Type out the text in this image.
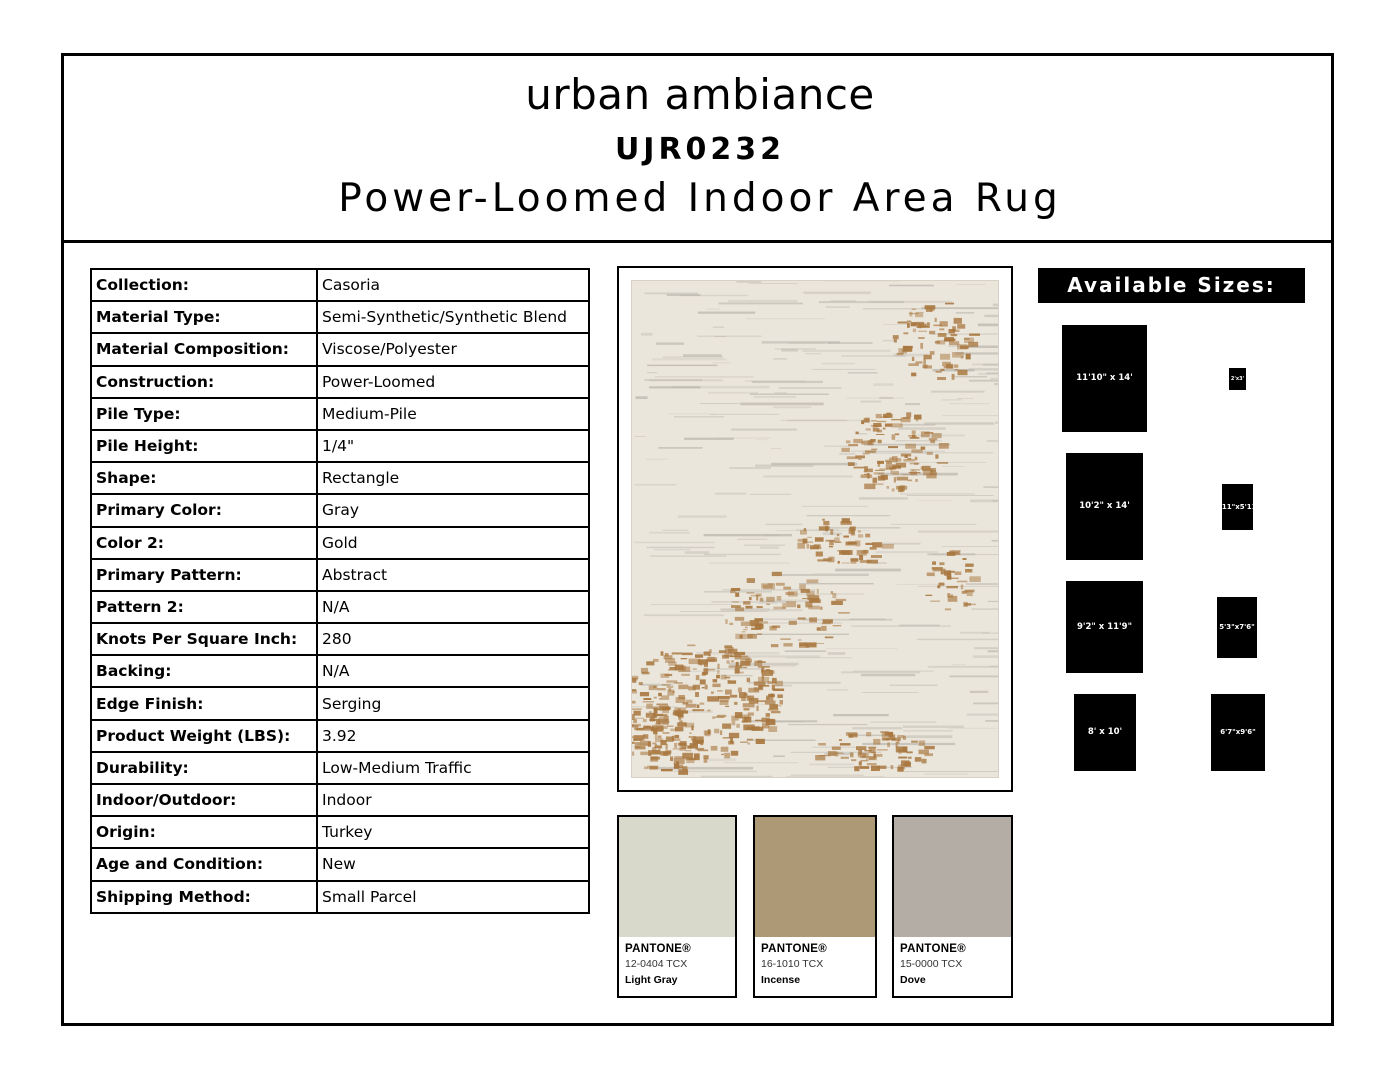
urban ambiance
UJR0232
Power-Loomed Indoor Area Rug
Collection:	Casoria
Material Type:	Semi-Synthetic/Synthetic Blend
Material Composition:	Viscose/Polyester
Construction:	Power-Loomed
Pile Type:	Medium-Pile
Pile Height:	1/4"
Shape:	Rectangle
Primary Color:	Gray
Color 2:	Gold
Primary Pattern:	Abstract
Pattern 2:	N/A
Knots Per Square Inch:	280
Backing:	N/A
Edge Finish:	Serging
Product Weight (LBS):	3.92
Durability:	Low-Medium Traffic
Indoor/Outdoor:	Indoor
Origin:	Turkey
Age and Condition:	New
Shipping Method:	Small Parcel
PANTONE®
12-0404 TCX
Light Gray
PANTONE®
16-1010 TCX
Incense
PANTONE®
15-0000 TCX
Dove
Available Sizes:
11'10" x 14'	2' x 3'
10'2" x 14'	3'11" x 5'11"
9'2" x 11'9"	5'3" x 7'6"
8' x 10'	6'7" x 9'6"
